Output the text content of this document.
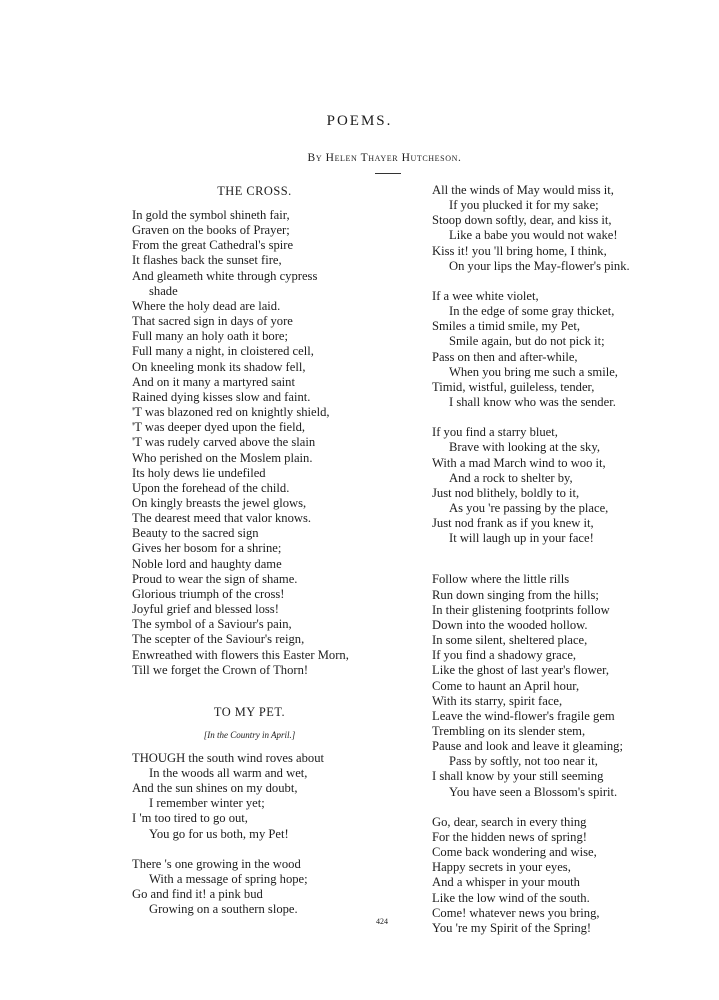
POEMS.
By Helen Thayer Hutcheson.
THE CROSS.
In gold the symbol shineth fair,
Graven on the books of Prayer;
From the great Cathedral's spire
It flashes back the sunset fire,
And gleameth white through cypress
shade
Where the holy dead are laid.
That sacred sign in days of yore
Full many an holy oath it bore;
Full many a night, in cloistered cell,
On kneeling monk its shadow fell,
And on it many a martyred saint
Rained dying kisses slow and faint.
'T was blazoned red on knightly shield,
'T was deeper dyed upon the field,
'T was rudely carved above the slain
Who perished on the Moslem plain.
Its holy dews lie undefiled
Upon the forehead of the child.
On kingly breasts the jewel glows,
The dearest meed that valor knows.
Beauty to the sacred sign
Gives her bosom for a shrine;
Noble lord and haughty dame
Proud to wear the sign of shame.
Glorious triumph of the cross!
Joyful grief and blessed loss!
The symbol of a Saviour's pain,
The scepter of the Saviour's reign,
Enwreathed with flowers this Easter Morn,
Till we forget the Crown of Thorn!
TO MY PET.
[In the Country in April.]
THOUGH the south wind roves about
In the woods all warm and wet,
And the sun shines on my doubt,
I remember winter yet;
I 'm too tired to go out,
You go for us both, my Pet!
There 's one growing in the wood
With a message of spring hope;
Go and find it! a pink bud
Growing on a southern slope.
All the winds of May would miss it,
If you plucked it for my sake;
Stoop down softly, dear, and kiss it,
Like a babe you would not wake!
Kiss it! you 'll bring home, I think,
On your lips the May-flower's pink.
If a wee white violet,
In the edge of some gray thicket,
Smiles a timid smile, my Pet,
Smile again, but do not pick it;
Pass on then and after-while,
When you bring me such a smile,
Timid, wistful, guileless, tender,
I shall know who was the sender.
If you find a starry bluet,
Brave with looking at the sky,
With a mad March wind to woo it,
And a rock to shelter by,
Just nod blithely, boldly to it,
As you 're passing by the place,
Just nod frank as if you knew it,
It will laugh up in your face!
Follow where the little rills
Run down singing from the hills;
In their glistening footprints follow
Down into the wooded hollow.
In some silent, sheltered place,
If you find a shadowy grace,
Like the ghost of last year's flower,
Come to haunt an April hour,
With its starry, spirit face,
Leave the wind-flower's fragile gem
Trembling on its slender stem,
Pause and look and leave it gleaming;
Pass by softly, not too near it,
I shall know by your still seeming
You have seen a Blossom's spirit.
Go, dear, search in every thing
For the hidden news of spring!
Come back wondering and wise,
Happy secrets in your eyes,
And a whisper in your mouth
Like the low wind of the south.
Come! whatever news you bring,
You 're my Spirit of the Spring!
424
